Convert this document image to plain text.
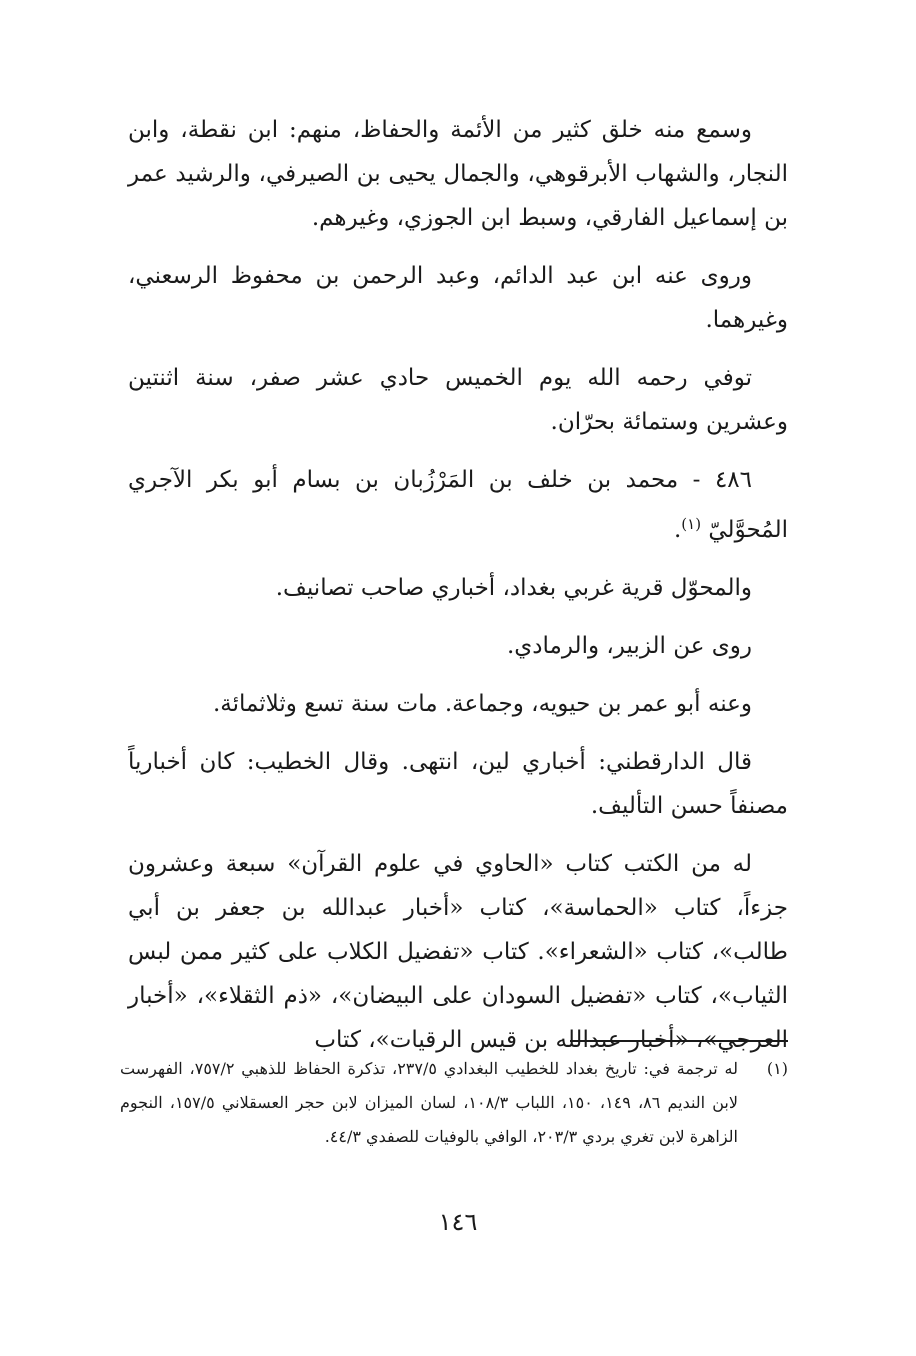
وسمع منه خلق كثير من الأئمة والحفاظ، منهم: ابن نقطة، وابن النجار، والشهاب الأبرقوهي، والجمال يحيى بن الصيرفي، والرشيد عمر بن إسماعيل الفارقي، وسبط ابن الجوزي، وغيرهم.

وروى عنه ابن عبد الدائم، وعبد الرحمن بن محفوظ الرسعني، وغيرهما.

توفي رحمه الله يوم الخميس حادي عشر صفر، سنة اثنتين وعشرين وستمائة بحرّان.

٤٨٦ - محمد بن خلف بن المَرْزُبان بن بسام أبو بكر الآجري المُحوَّليّ $^{(١)}$.

والمحوّل قرية غربي بغداد، أخباري صاحب تصانيف.

روى عن الزبير، والرمادي.

وعنه أبو عمر بن حيويه، وجماعة. مات سنة تسع وثلاثمائة.

قال الدارقطني: أخباري لين، انتهى. وقال الخطيب: كان أخبارياً مصنفاً حسن التأليف.

له من الكتب كتاب «الحاوي في علوم القرآن» سبعة وعشرون جزءاً، كتاب «الحماسة»، كتاب «أخبار عبدالله بن جعفر بن أبي طالب»، كتاب «الشعراء». كتاب «تفضيل الكلاب على كثير ممن لبس الثياب»، كتاب «تفضيل السودان على البيضان»، «ذم الثقلاء»، «أخبار العرجي»، «أخبار عبدالله بن قيس الرقيات»، كتاب

(١)
له ترجمة في: تاريخ بغداد للخطيب البغدادي ٢٣٧/٥، تذكرة الحفاظ للذهبي ٧٥٧/٢، الفهرست لابن النديم ٨٦، ١٤٩، ١٥٠، اللباب ١٠٨/٣، لسان الميزان لابن حجر العسقلاني ١٥٧/٥، النجوم الزاهرة لابن تغري بردي ٢٠٣/٣، الوافي بالوفيات للصفدي ٤٤/٣.
١٤٦
